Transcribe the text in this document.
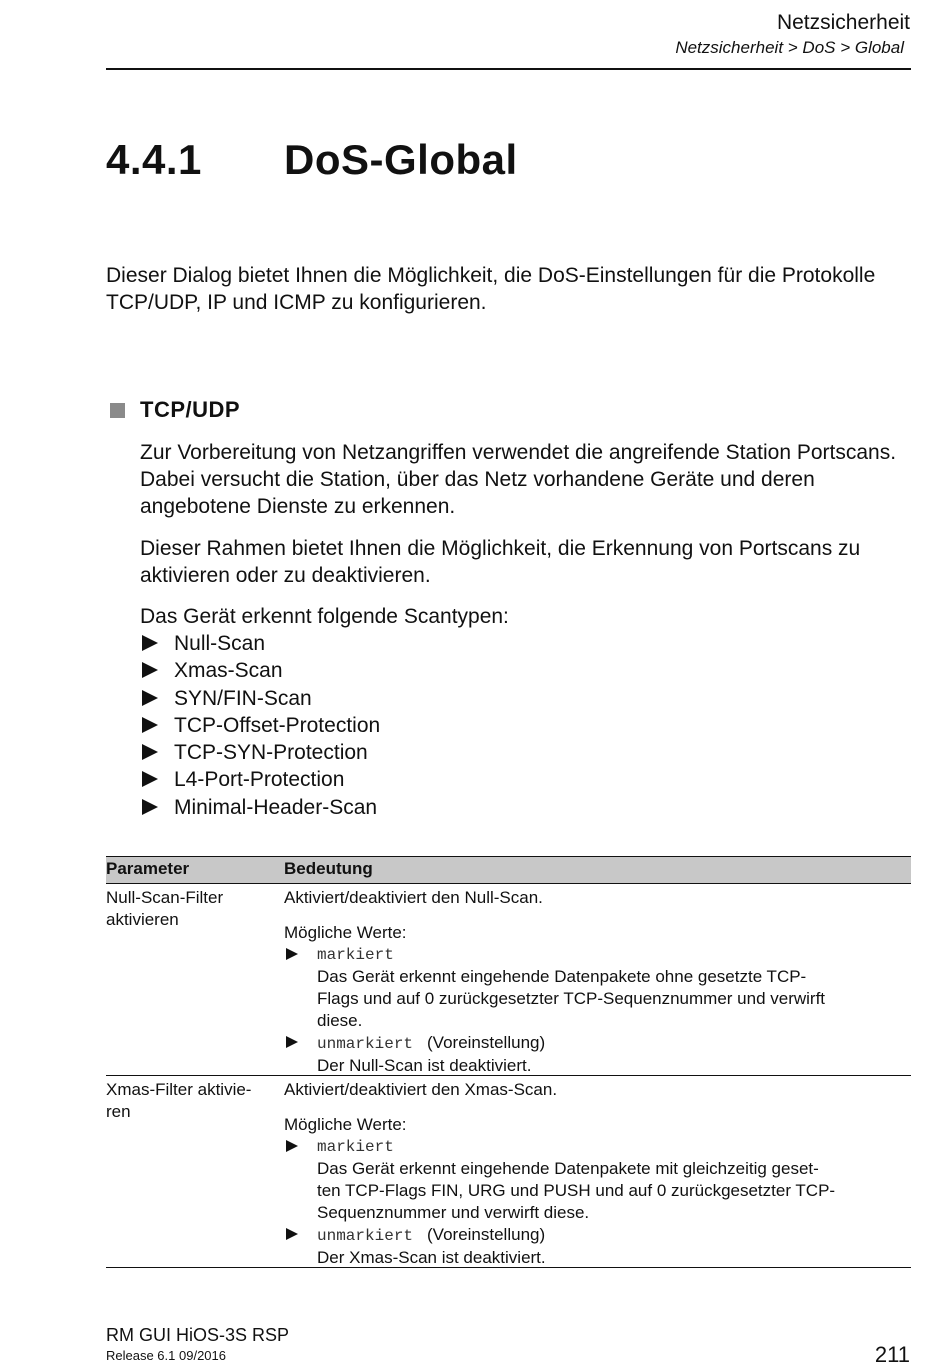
Netzsicherheit
Netzsicherheit > DoS > Global
4.4.1 DoS-Global
Dieser Dialog bietet Ihnen die Möglichkeit, die DoS-Einstellungen für die Protokolle TCP/UDP, IP und ICMP zu konfigurieren.
TCP/UDP
Zur Vorbereitung von Netzangriffen verwendet die angreifende Station Portscans. Dabei versucht die Station, über das Netz vorhandene Geräte und deren angebotene Dienste zu erkennen.
Dieser Rahmen bietet Ihnen die Möglichkeit, die Erkennung von Portscans zu aktivieren oder zu deaktivieren.
Das Gerät erkennt folgende Scantypen:
Null-Scan
Xmas-Scan
SYN/FIN-Scan
TCP-Offset-Protection
TCP-SYN-Protection
L4-Port-Protection
Minimal-Header-Scan
Parameter	Bedeutung
Null-Scan-Filter
aktivieren
Aktiviert/deaktiviert den Null-Scan.
Mögliche Werte:
markiert
Das Gerät erkennt eingehende Datenpakete ohne gesetzte TCP-
Flags und auf 0 zurückgesetzter TCP-Sequenznummer und verwirft
diese.
unmarkiert (Voreinstellung)
Der Null-Scan ist deaktiviert.
Xmas-Filter aktivie-
ren
Aktiviert/deaktiviert den Xmas-Scan.
Mögliche Werte:
markiert
Das Gerät erkennt eingehende Datenpakete mit gleichzeitig geset-
ten TCP-Flags FIN, URG und PUSH und auf 0 zurückgesetzter TCP-
Sequenznummer und verwirft diese.
unmarkiert (Voreinstellung)
Der Xmas-Scan ist deaktiviert.
RM GUI HiOS-3S RSP
Release 6.1 09/2016	211
